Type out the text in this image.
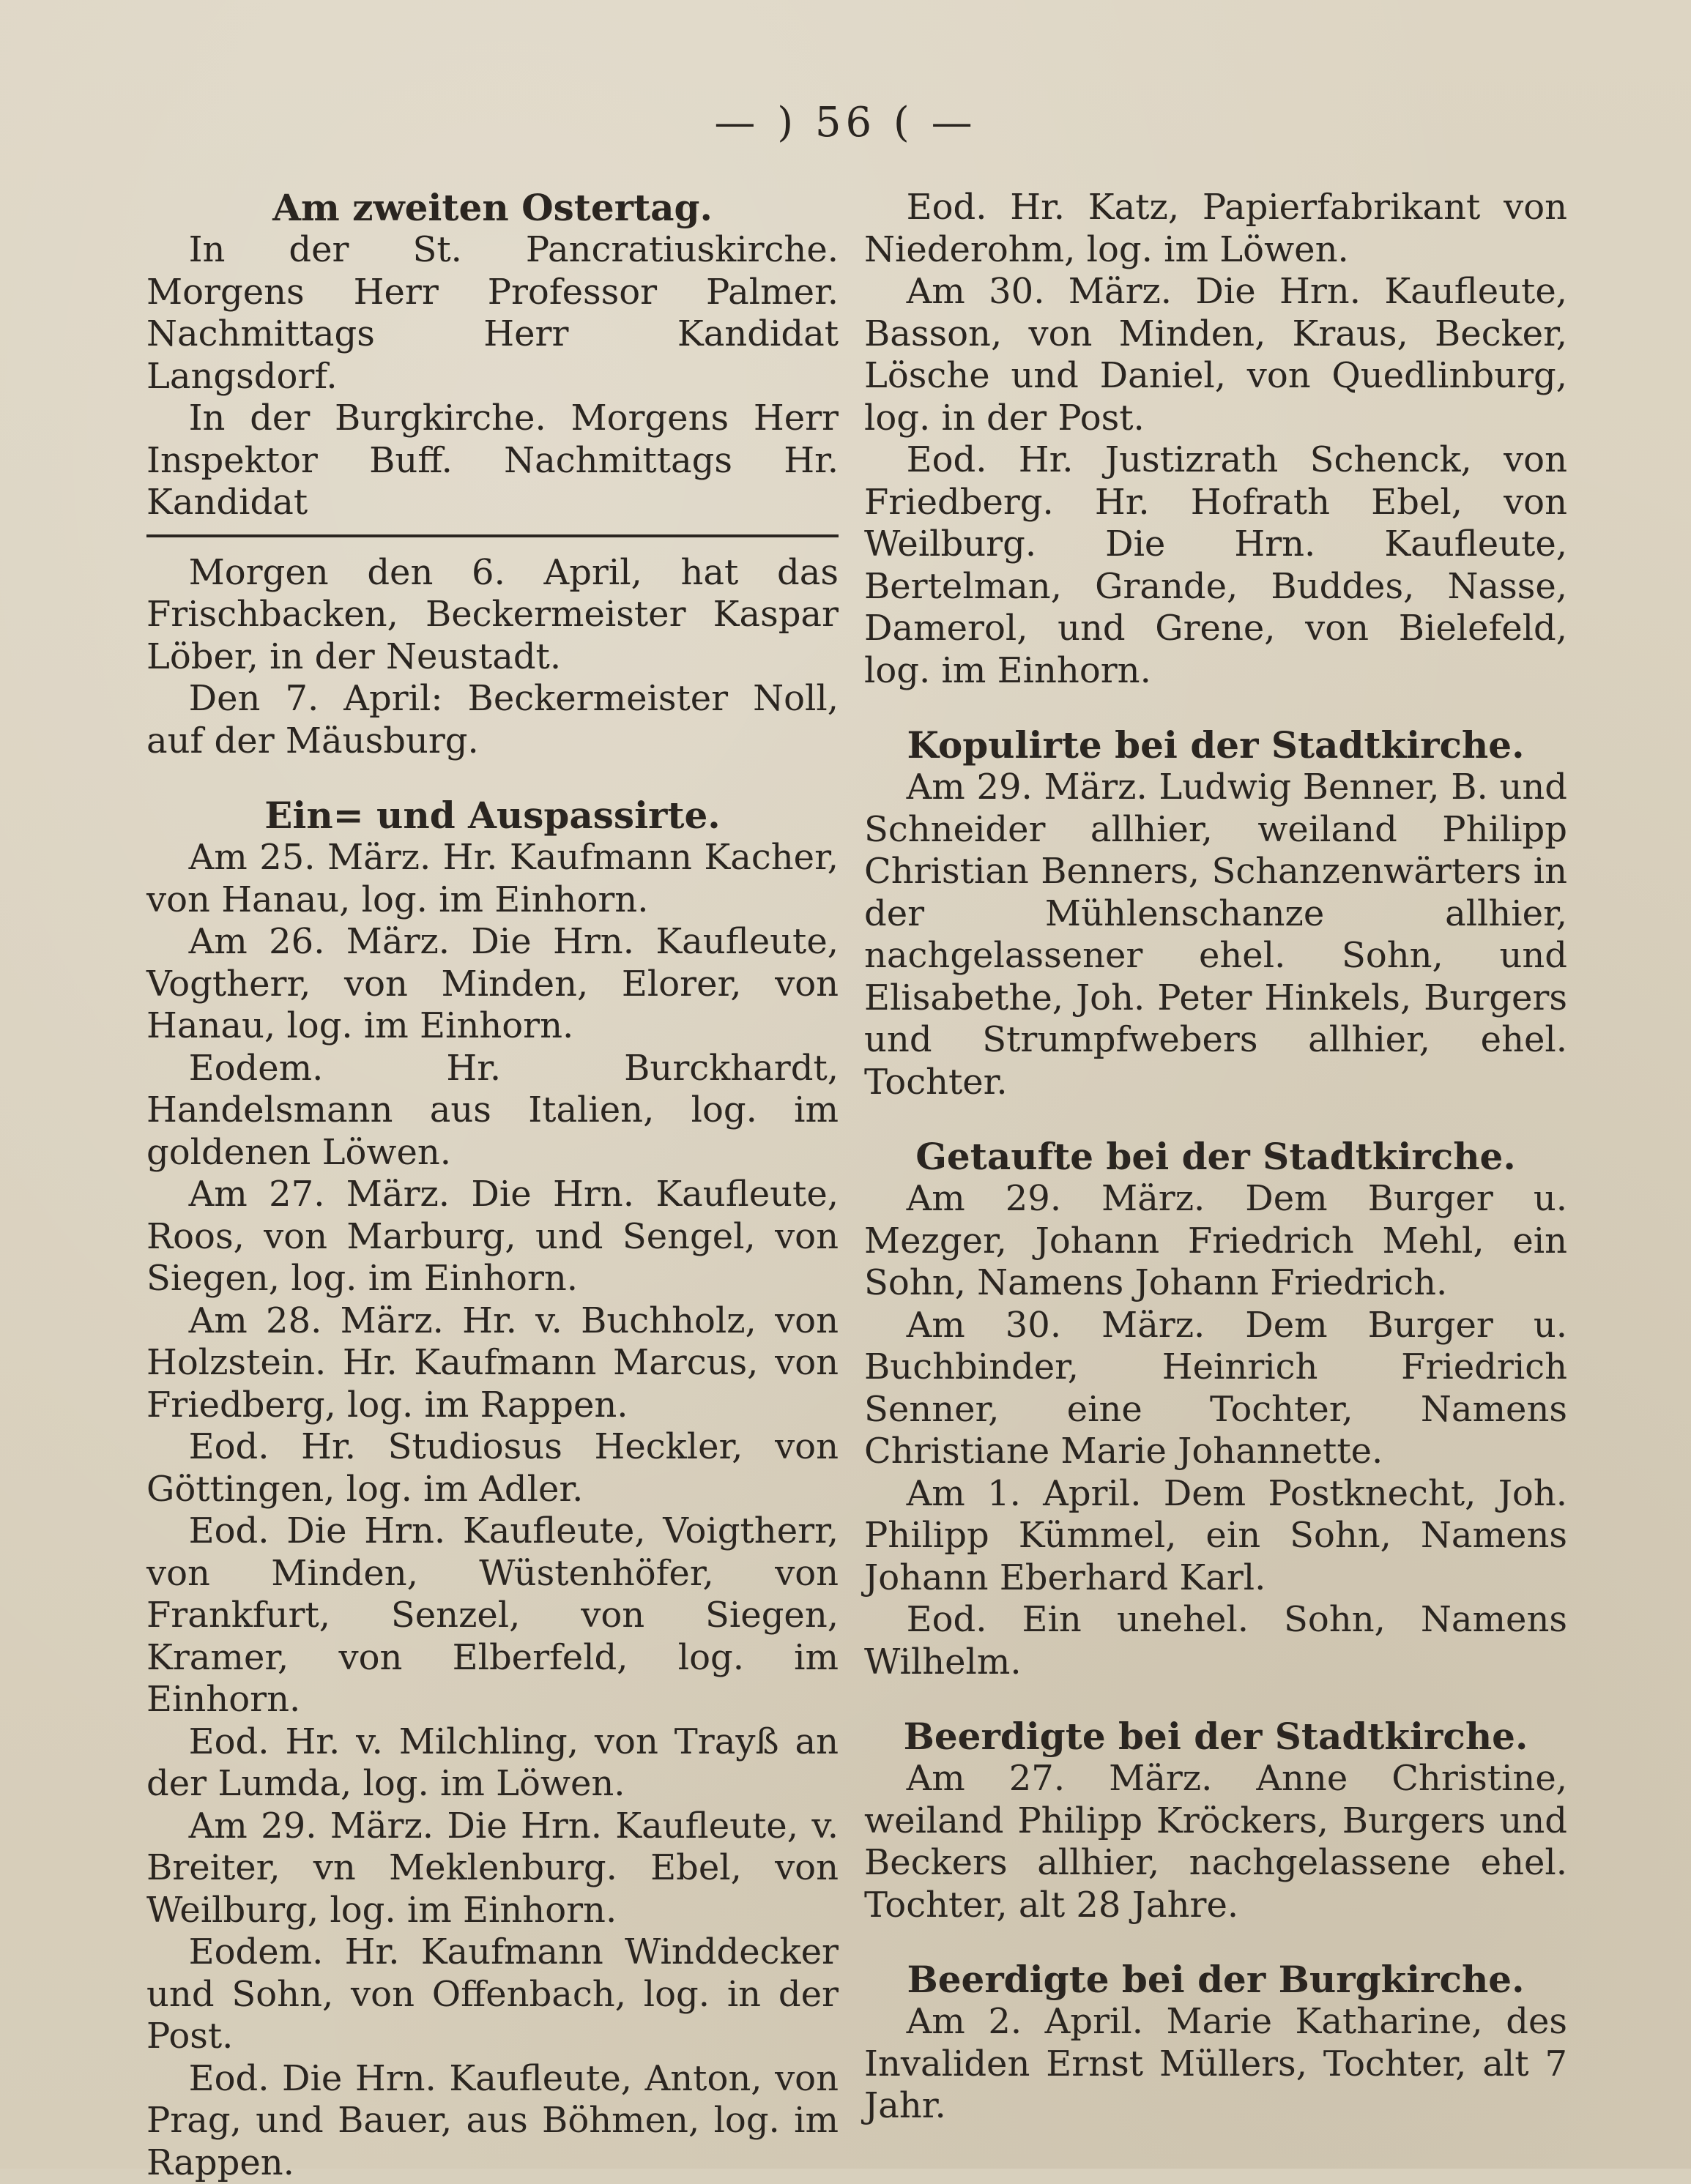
— ) 56 ( —
Am zweiten Ostertag.

In der St. Pancratiuskirche. Morgens Herr Professor Palmer. Nachmittags Herr Kandidat Langsdorf.

In der Burgkirche. Morgens Herr Inspektor Buff. Nachmittags Hr. Kandidat

Morgen den 6. April, hat das Frischbacken, Beckermeister Kaspar Löber, in der Neustadt.

Den 7. April: Beckermeister Noll, auf der Mäusburg.

Ein= und Auspassirte.

Am 25. März. Hr. Kaufmann Kacher, von Hanau, log. im Einhorn.

Am 26. März. Die Hrn. Kaufleute, Vogtherr, von Minden, Elorer, von Hanau, log. im Einhorn.

Eodem. Hr. Burckhardt, Handelsmann aus Italien, log. im goldenen Löwen.

Am 27. März. Die Hrn. Kaufleute, Roos, von Marburg, und Sengel, von Siegen, log. im Einhorn.

Am 28. März. Hr. v. Buchholz, von Holzstein. Hr. Kaufmann Marcus, von Friedberg, log. im Rappen.

Eod. Hr. Studiosus Heckler, von Göttingen, log. im Adler.

Eod. Die Hrn. Kaufleute, Voigtherr, von Minden, Wüstenhöfer, von Frankfurt, Senzel, von Siegen, Kramer, von Elberfeld, log. im Einhorn.

Eod. Hr. v. Milchling, von Trayß an der Lumda, log. im Löwen.

Am 29. März. Die Hrn. Kaufleute, v. Breiter, vn Meklenburg. Ebel, von Weilburg, log. im Einhorn.

Eodem. Hr. Kaufmann Winddecker und Sohn, von Offenbach, log. in der Post.

Eod. Die Hrn. Kaufleute, Anton, von Prag, und Bauer, aus Böhmen, log. im Rappen.

Eod. Hr. Katz, Papierfabrikant von Niederohm, log. im Löwen.

Am 30. März. Die Hrn. Kaufleute, Basson, von Minden, Kraus, Becker, Lösche und Daniel, von Quedlinburg, log. in der Post.

Eod. Hr. Justizrath Schenck, von Friedberg. Hr. Hofrath Ebel, von Weilburg. Die Hrn. Kaufleute, Bertelman, Grande, Buddes, Nasse, Damerol, und Grene, von Bielefeld, log. im Einhorn.

Kopulirte bei der Stadtkirche.

Am 29. März. Ludwig Benner, B. und Schneider allhier, weiland Philipp Christian Benners, Schanzenwärters in der Mühlenschanze allhier, nachgelassener ehel. Sohn, und Elisabethe, Joh. Peter Hinkels, Burgers und Strumpfwebers allhier, ehel. Tochter.

Getaufte bei der Stadtkirche.

Am 29. März. Dem Burger u. Mezger, Johann Friedrich Mehl, ein Sohn, Namens Johann Friedrich.

Am 30. März. Dem Burger u. Buchbinder, Heinrich Friedrich Senner, eine Tochter, Namens Christiane Marie Johannette.

Am 1. April. Dem Postknecht, Joh. Philipp Kümmel, ein Sohn, Namens Johann Eberhard Karl.

Eod. Ein unehel. Sohn, Namens Wilhelm.

Beerdigte bei der Stadtkirche.

Am 27. März. Anne Christine, weiland Philipp Kröckers, Burgers und Beckers allhier, nachgelassene ehel. Tochter, alt 28 Jahre.

Beerdigte bei der Burgkirche.

Am 2. April. Marie Katharine, des Invaliden Ernst Müllers, Tochter, alt 7 Jahr.
